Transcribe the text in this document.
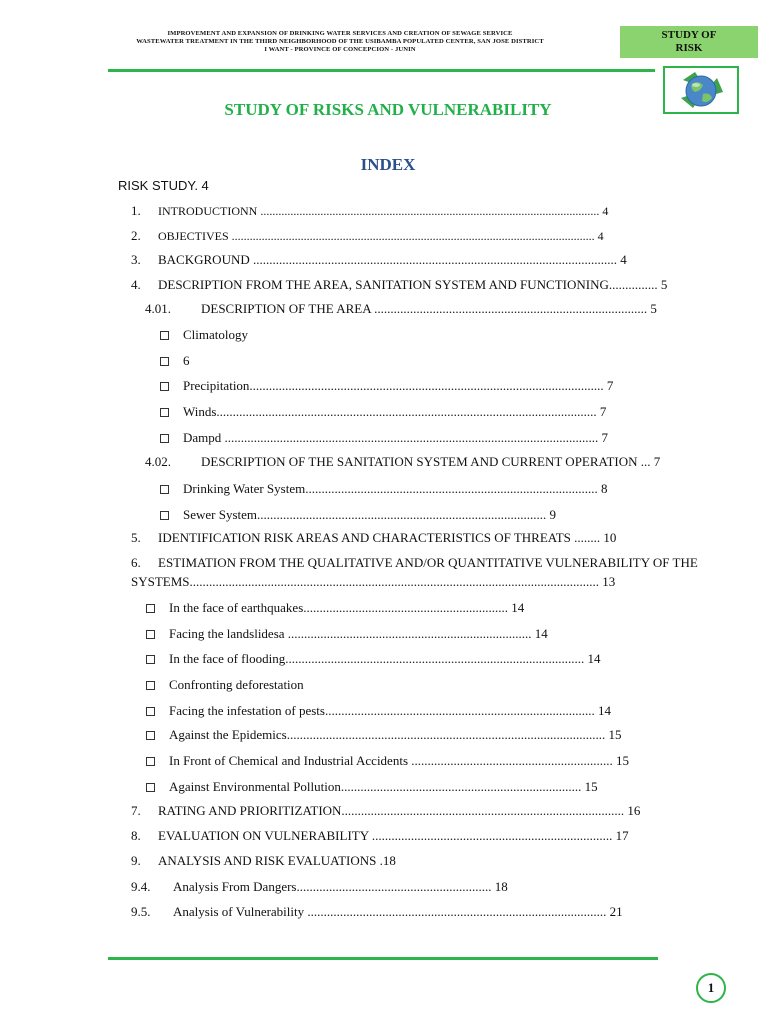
IMPROVEMENT AND EXPANSION OF DRINKING WATER SERVICES AND CREATION OF SEWAGE SERVICE
WASTEWATER TREATMENT IN THE THIRD NEIGHBORHOOD OF THE USIBAMBA POPULATED CENTER, SAN JOSE DISTRICT
I WANT - PROVINCE OF CONCEPCION - JUNIN
STUDY OF
RISK
STUDY OF RISKS AND VULNERABILITY
INDEX
RISK STUDY. 4
1. INTRODUCTIONN ................................................................................................................. 4
2. OBJECTIVES ......................................................................................................................... 4
3. BACKGROUND ................................................................................................................ 4
4. DESCRIPTION FROM THE AREA, SANITATION SYSTEM AND FUNCTIONING............... 5
4.01. DESCRIPTION OF THE AREA .................................................................................... 5
Climatology
6
Precipitation............................................................................................................. 7
Winds..................................................................................................................... 7
Dampd ................................................................................................................... 7
4.02. DESCRIPTION OF THE SANITATION SYSTEM AND CURRENT OPERATION ... 7
Drinking Water System.......................................................................................... 8
Sewer System......................................................................................... 9
5. IDENTIFICATION RISK AREAS AND CHARACTERISTICS OF THREATS ........ 10
6. ESTIMATION FROM THE QUALITATIVE AND/OR QUANTITATIVE VULNERABILITY OF THE
SYSTEMS.............................................................................................................................. 13
In the face of earthquakes............................................................... 14
Facing the landslidesa ........................................................................... 14
In the face of flooding............................................................................................ 14
Confronting deforestation
Facing the infestation of pests................................................................................... 14
Against the Epidemics.................................................................................................. 15
In Front of Chemical and Industrial Accidents .............................................................. 15
Against Environmental Pollution.......................................................................... 15
7. RATING AND PRIORITIZATION....................................................................................... 16
8. EVALUATION ON VULNERABILITY .......................................................................... 17
9. ANALYSIS AND RISK EVALUATIONS .18
9.4. Analysis From Dangers............................................................ 18
9.5. Analysis of Vulnerability ............................................................................................ 21
1
